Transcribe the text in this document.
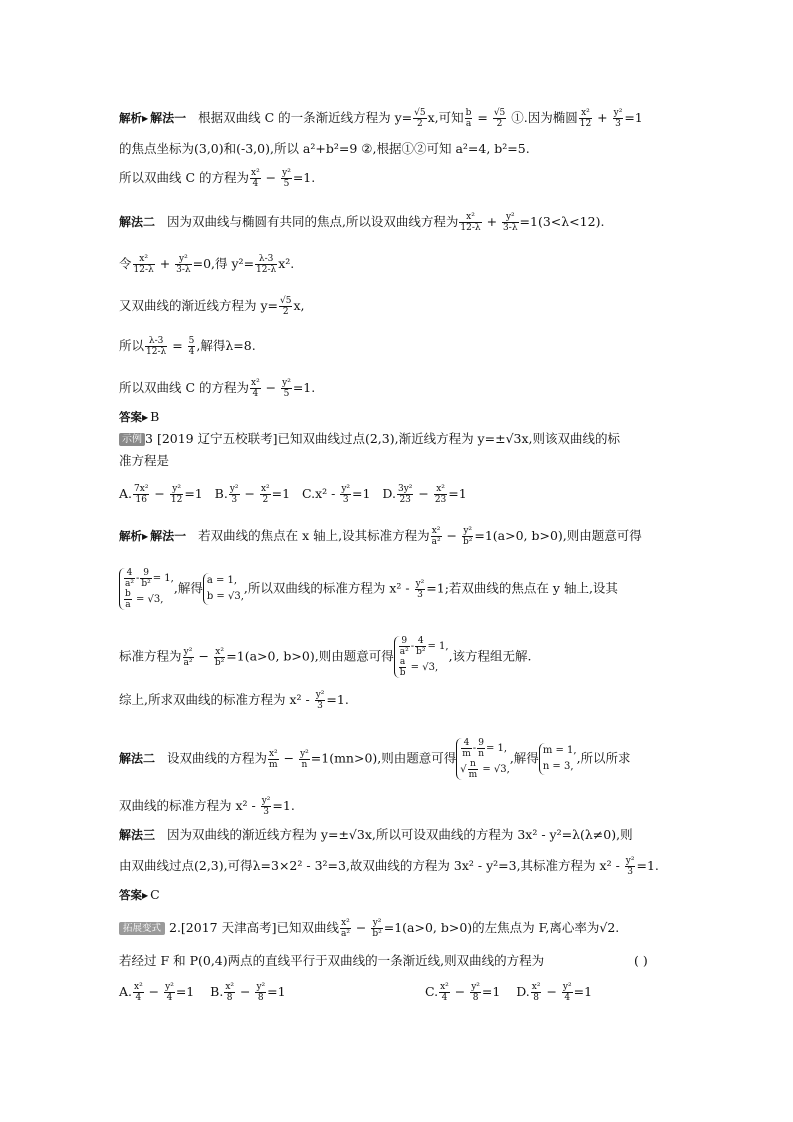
解析▶ 解法一 根据双曲线 C 的一条渐近线方程为 $y= \frac{√5}{2} x$,可知 $\frac{b}{a} = \frac{√5}{2}$ ①.因为椭圆 $\frac{\text{x²}}{12} + \frac{\text{y²}}{3} =1$
的焦点坐标为(3,0)和(-3,0),所以 a²+b²=9 ②,根据①②可知 a²=4, b²=5.
所以双曲线 C 的方程为 $\frac{\text{x²}}{4} - \frac{\text{y²}}{5} =1$.
解法二 因为双曲线与椭圆有共同的焦点,所以设双曲线方程为 $\frac{\text{x²}}{12-\lambda} + \frac{\text{y²}}{3-\lambda} =1(3<\lambda<12)$.
令 $\frac{\text{x²}}{12-\lambda} + \frac{\text{y²}}{3-\lambda} =0$,得 $y^2= \frac{\lambda-3}{12-\lambda} x^2$.
又双曲线的渐近线方程为 $y= \frac{√5}{2} x$,
所以 $\frac{\lambda-3}{12-\lambda} = \frac{5}{4}$ ,解得λ=8.
所以双曲线 C 的方程为 $\frac{\text{x²}}{4} - \frac{\text{y²}}{5} =1$.
答案▶ B
示例 3 [2019 辽宁五校联考]已知双曲线过点(2,3),渐近线方程为 y=±√3x,则该双曲线的标
准方程是
A. $\frac{\text{7x²}}{16} - \frac{\text{y²}}{12} =1$   B. $\frac{\text{y²}}{3} - \frac{\text{x²}}{2} =1$   $C.x^2 - \frac{\text{y²}}{3} =1$   D. $\frac{\text{3y²}}{23} - \frac{\text{x²}}{23} =1$
解析▶ 解法一 若双曲线的焦点在 x 轴上,设其标准方程为 $\frac{\text{x²}}{\text{a²}} - \frac{\text{y²}}{\text{b²}} =1(a>0$, b>0),则由题意可得
$\frac{4}{\text{a²}} - \frac{9}{\text{b²}} = 1$,

$\frac{b}{a} = √3$,,解得 a = 1,
b = √3,,所以双曲线的标准方程为 $x^2 - \frac{\text{y²}}{3} =1$;若双曲线的焦点在 y 轴上,设其
标准方程为 $\frac{\text{y²}}{\text{a²}} - \frac{\text{x²}}{\text{b²}} =1(a>0$, b>0),则由题意可得 $\frac{9}{\text{a²}} - \frac{4}{\text{b²}} = 1$,

$\frac{a}{b} = √3$,,该方程组无解.
综上,所求双曲线的标准方程为 $x^2 - \frac{\text{y²}}{3} =1$.
解法二 设双曲线的方程为 $\frac{\text{x²}}{m} - \frac{\text{y²}}{n} =1(mn>0)$,则由题意可得 $\frac{4}{m} - \frac{9}{n} = 1$,
√ $\frac{n}{m} = √3$,,解得 m = 1,
n = 3,,所以所求
双曲线的标准方程为 $x^2 - \frac{\text{y²}}{3} =1$.
解法三 因为双曲线的渐近线方程为 y=±√3x,所以可设双曲线的方程为 3x² - y²=λ(λ≠0),则
由双曲线过点(2,3),可得λ=3×2² - 3²=3,故双曲线的方程为 3x² - y²=3,其标准方程为 $x^2 - \frac{\text{y²}}{3} =1$.
答案▶ C
拓展变式 2.[2017 天津高考]已知双曲线 $\frac{\text{x²}}{\text{a²}} - \frac{\text{y²}}{\text{b²}} =1(a>0$, b>0)的左焦点为 F,离心率为√2.
若经过 F 和 P(0,4)两点的直线平行于双曲线的一条渐近线,则双曲线的方程为	( )
A. $\frac{\text{x²}}{4} - \frac{\text{y²}}{4} =1$    B. $\frac{\text{x²}}{8} - \frac{\text{y²}}{8} =1$	C. $\frac{\text{x²}}{4} - \frac{\text{y²}}{8} =1$    D. $\frac{\text{x²}}{8} - \frac{\text{y²}}{4} =1$
